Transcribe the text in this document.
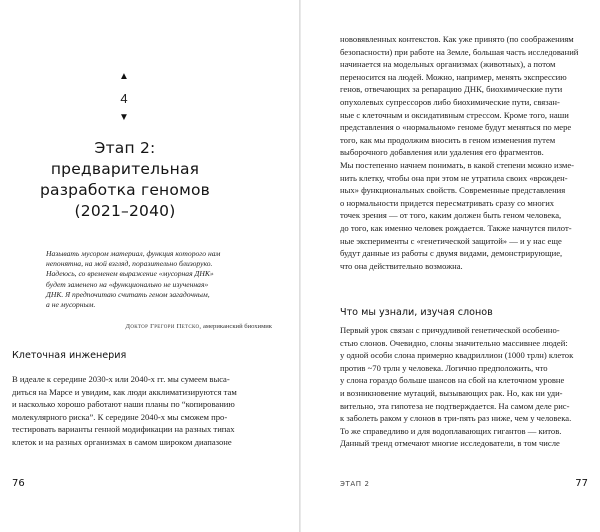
▲
4
▼
Этап 2:
предварительная
разработка геномов
(2021–2040)
Называть мусором материал, функция которого нам
непонятна, на мой взгляд, поразительно близоруко.
Надеюсь, со временем выражение «мусорная ДНК»
будет заменено на «функционально не изученная»
ДНК. Я предпочитаю считать геном загадочным,
а не мусорным.
Доктор Грегори Петско, американский биохимик
Клеточная инженерия
В идеале к середине 2030-х или 2040-х гг. мы сумеем высa-
диться на Марсе и увидим, как люди акклиматизируются там
и насколько хорошо работают наши планы по “копированию
молекулярного риска”. К середине 2040-х мы сможем про-
тестировать варианты генной модификации на разных типах
клеток и на разных организмах в самом широком диапазоне
76
нововявленных контекстов. Как уже принято (по соображениям
безопасности) при работе на Земле, большая часть исследований
начинается на модельных организмах (животных), а потом
переносится на людей. Можно, например, менять экспрессию
генов, отвечающих за репарацию ДНК, биохимические пути
опухолевых супрессоров либо биохимические пути, связан-
ные с клеточным и оксидативным стрессом. Кроме того, наши
представления о «нормальном» геноме будут меняться по мере
того, как мы продолжим вносить в геном изменения путем
выборочного добавления или удаления его фрагментов.
Мы постепенно начнем понимать, в какой степени можно изме-
нить клетку, чтобы она при этом не утратила своих «врожден-
ных» функциональных свойств. Современные представления
о нормальности придется пересматривать сразу со многих
точек зрения — от того, каким должен быть геном человека,
до того, как именно человек рождается. Также начнутся пилот-
ные эксперименты с «генетической защитой» — и у нас еще
будут данные из работы с двумя видами, демонстрирующие,
что она действительно возможна.
Что мы узнали, изучая слонов
Первый урок связан с причудливой генетической особенно-
стью слонов. Очевидно, слоны значительно массивнее людей:
у одной особи слона примерно квадриллион (1000 трлн) клеток
против ~70 трлн у человека. Логично предположить, что
у слона гораздо больше шансов на сбой на клеточном уровне
и возникновение мутаций, вызывающих рак. Но, как ни уди-
вительно, эта гипотеза не подтверждается. На самом деле рис-
к заболеть раком у слонов в три-пять раз ниже, чем у человека.
То же справедливо и для водоплавающих гигантов — китов.
Данный тренд отмечают многие исследователи, в том числе
ЭТАП 2	77
